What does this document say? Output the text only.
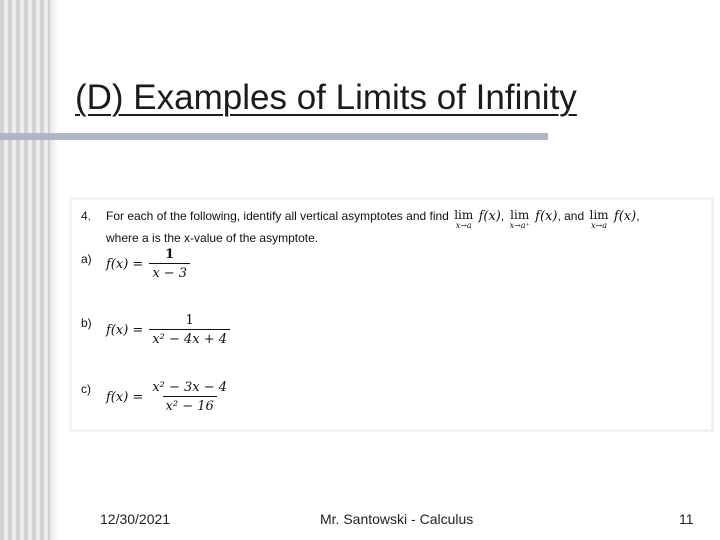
(D) Examples of Limits of Infinity
4. For each of the following, identify all vertical asymptotes and find lim
x→a
f(x), lim
x→a⁺
f(x), and lim
x→a
f(x),
where a is the x-value of the asymptote.
a) $f(x) = \frac{1}{x - 3}$
b) $f(x) = \frac{1}{\text{x² − 4x + 4}}$
c)
$f(x) = \frac{\text{x² − 3x − 4}}{\text{x² − 16}}$
12/30/2021	Mr. Santowski - Calculus	11
